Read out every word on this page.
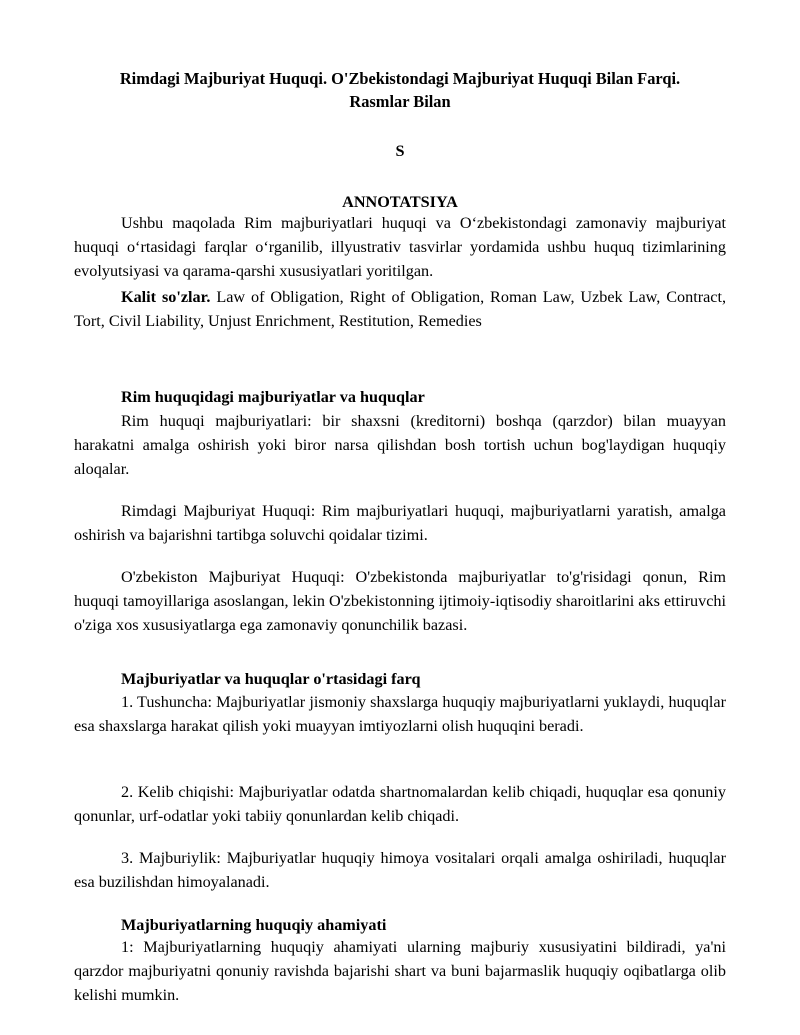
Rimdagi Majburiyat Huquqi. O'Zbekistondagi Majburiyat Huquqi Bilan Farqi.
Rasmlar Bilan
S
ANNOTATSIYA

Ushbu maqolada Rim majburiyatlari huquqi va O‘zbekistondagi zamonaviy majburiyat huquqi o‘rtasidagi farqlar o‘rganilib, illyustrativ tasvirlar yordamida ushbu huquq tizimlarining evolyutsiyasi va qarama-qarshi xususiyatlari yoritilgan.

Kalit so'zlar. Law of Obligation, Right of Obligation, Roman Law, Uzbek Law, Contract, Tort, Civil Liability, Unjust Enrichment, Restitution, Remedies

Rim huquqidagi majburiyatlar va huquqlar

Rim huquqi majburiyatlari: bir shaxsni (kreditorni) boshqa (qarzdor) bilan muayyan harakatni amalga oshirish yoki biror narsa qilishdan bosh tortish uchun bog'laydigan huquqiy aloqalar.

Rimdagi Majburiyat Huquqi: Rim majburiyatlari huquqi, majburiyatlarni yaratish, amalga oshirish va bajarishni tartibga soluvchi qoidalar tizimi.

O'zbekiston Majburiyat Huquqi: O'zbekistonda majburiyatlar to'g'risidagi qonun, Rim huquqi tamoyillariga asoslangan, lekin O'zbekistonning ijtimoiy-iqtisodiy sharoitlarini aks ettiruvchi o'ziga xos xususiyatlarga ega zamonaviy qonunchilik bazasi.

Majburiyatlar va huquqlar o'rtasidagi farq

1. Tushuncha: Majburiyatlar jismoniy shaxslarga huquqiy majburiyatlarni yuklaydi, huquqlar esa shaxslarga harakat qilish yoki muayyan imtiyozlarni olish huquqini beradi.

2. Kelib chiqishi: Majburiyatlar odatda shartnomalardan kelib chiqadi, huquqlar esa qonuniy qonunlar, urf-odatlar yoki tabiiy qonunlardan kelib chiqadi.

3. Majburiylik: Majburiyatlar huquqiy himoya vositalari orqali amalga oshiriladi, huquqlar esa buzilishdan himoyalanadi.

Majburiyatlarning huquqiy ahamiyati

1: Majburiyatlarning huquqiy ahamiyati ularning majburiy xususiyatini bildiradi, ya'ni qarzdor majburiyatni qonuniy ravishda bajarishi shart va buni bajarmaslik huquqiy oqibatlarga olib kelishi mumkin.
